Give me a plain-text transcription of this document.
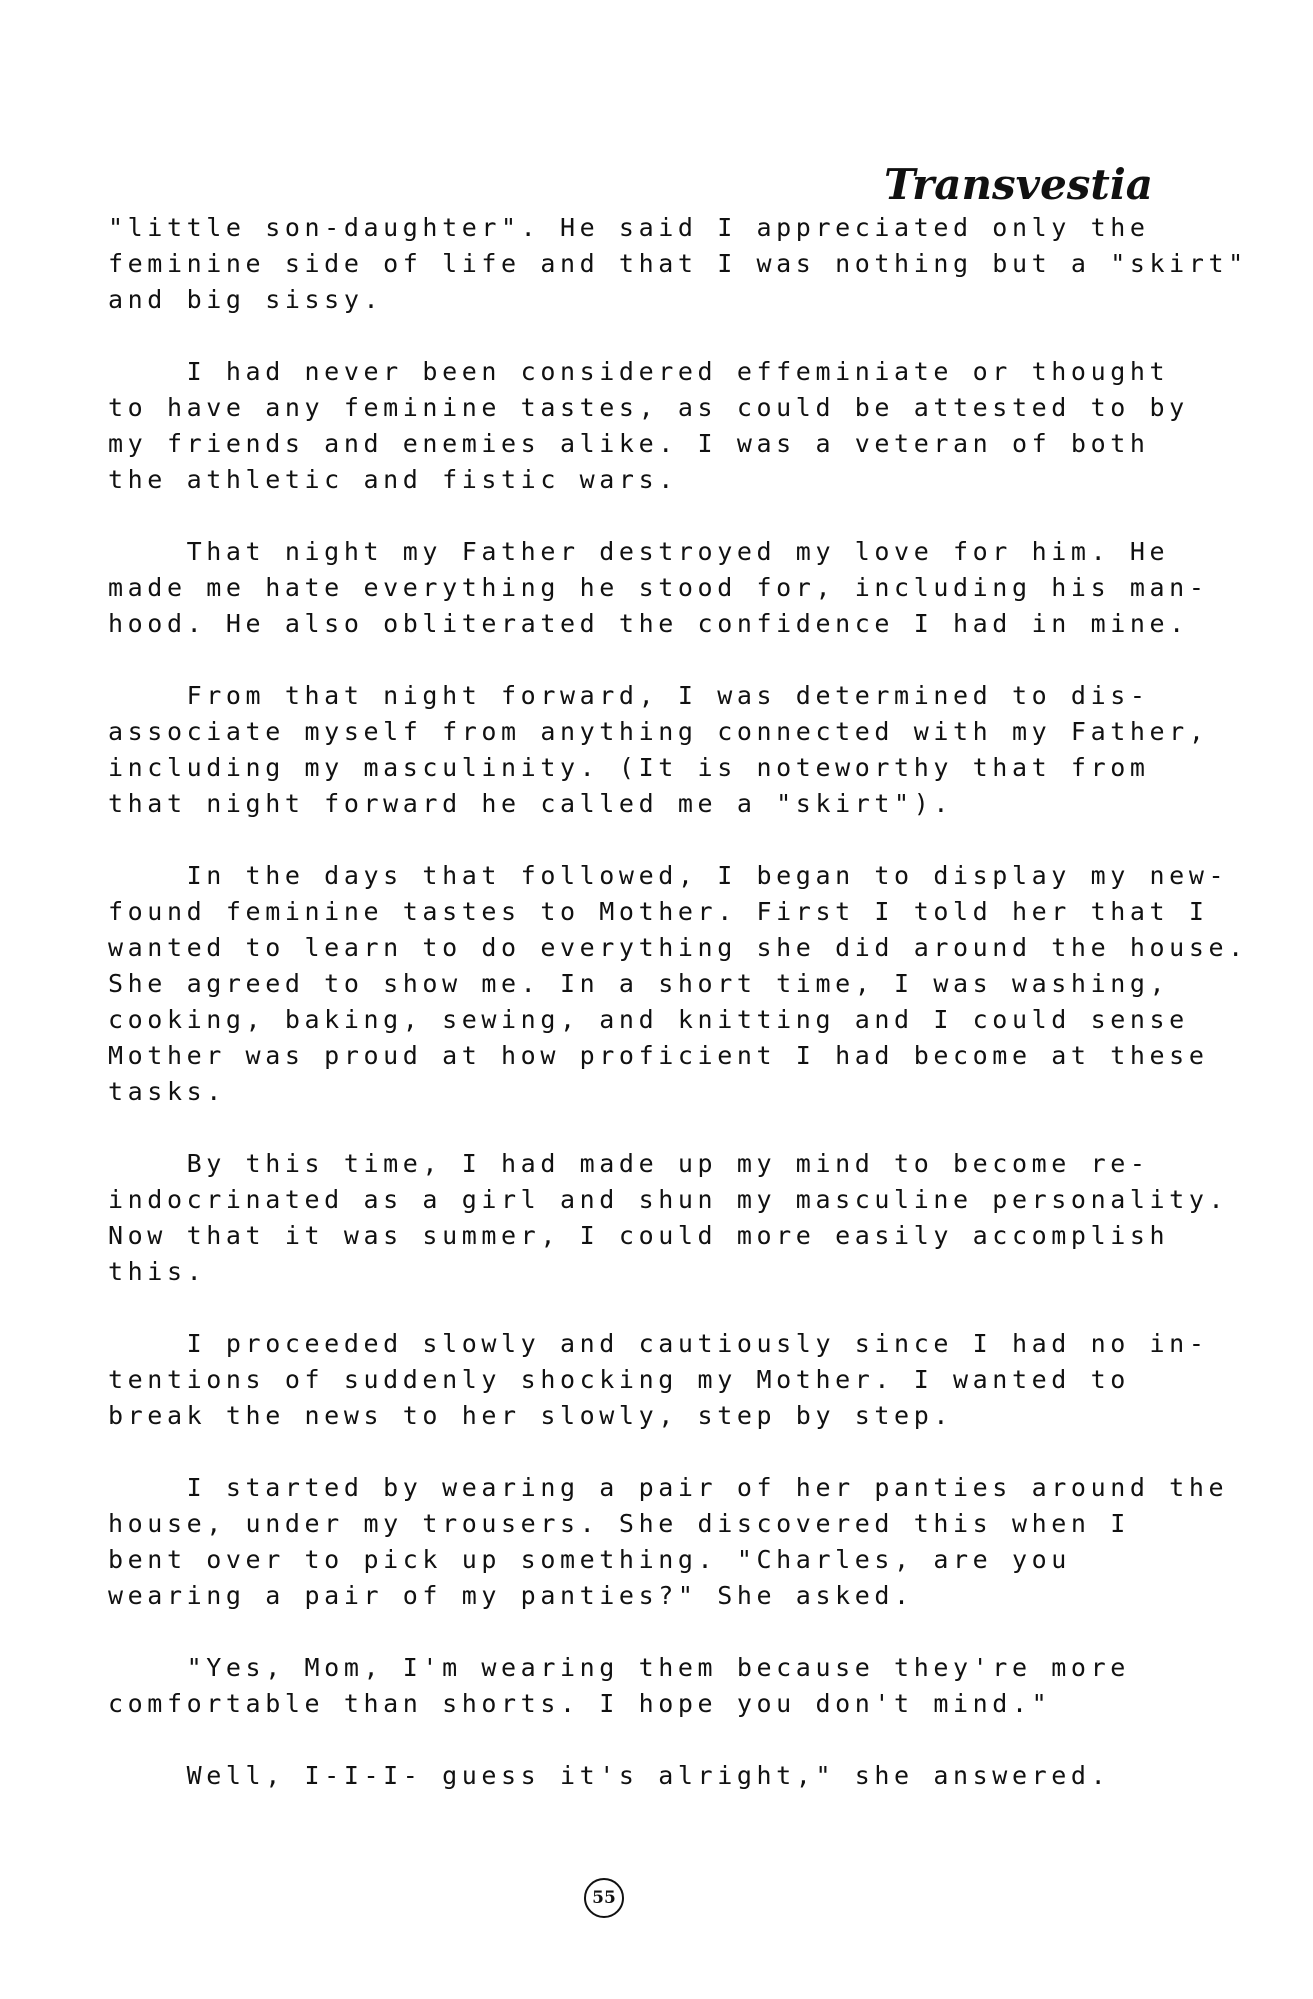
Transvestia
"little son-daughter". He said I appreciated only the
feminine side of life and that I was nothing but a "skirt"
and big sissy.
I had never been considered effeminiate or thought
to have any feminine tastes, as could be attested to by
my friends and enemies alike. I was a veteran of both
the athletic and fistic wars.
That night my Father destroyed my love for him. He
made me hate everything he stood for, including his man-
hood. He also obliterated the confidence I had in mine.
From that night forward, I was determined to dis-
associate myself from anything connected with my Father,
including my masculinity. (It is noteworthy that from
that night forward he called me a "skirt").
In the days that followed, I began to display my new-
found feminine tastes to Mother. First I told her that I
wanted to learn to do everything she did around the house.
She agreed to show me. In a short time, I was washing,
cooking, baking, sewing, and knitting and I could sense
Mother was proud at how proficient I had become at these
tasks.
By this time, I had made up my mind to become re-
indocrinated as a girl and shun my masculine personality.
Now that it was summer, I could more easily accomplish
this.
I proceeded slowly and cautiously since I had no in-
tentions of suddenly shocking my Mother. I wanted to
break the news to her slowly, step by step.
I started by wearing a pair of her panties around the
house, under my trousers. She discovered this when I
bent over to pick up something. "Charles, are you
wearing a pair of my panties?" She asked.
"Yes, Mom, I'm wearing them because they're more
comfortable than shorts. I hope you don't mind."
Well, I-I-I- guess it's alright," she answered.
55
